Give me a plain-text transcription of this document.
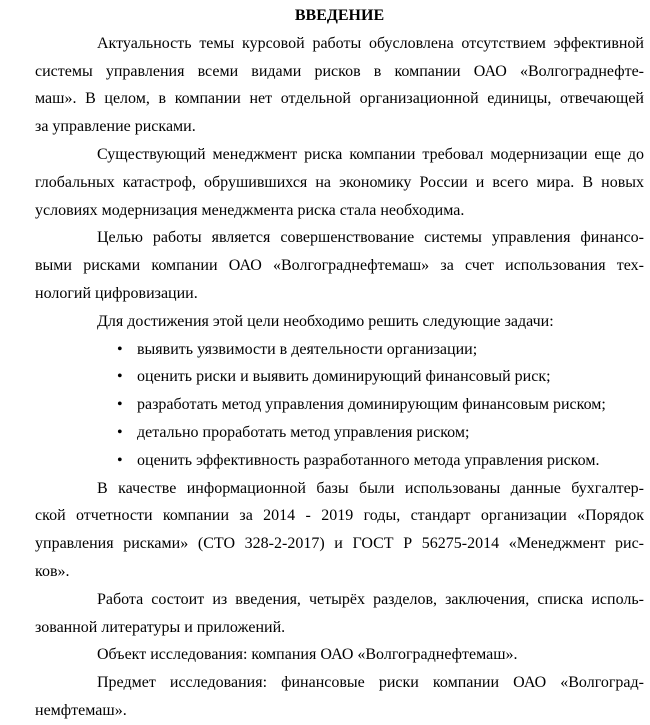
ВВЕДЕНИЕ
Актуальность темы курсовой работы обусловлена отсутствием эффективной
системы управления всеми видами рисков в компании ОАО «Волгограднефте-
маш». В целом, в компании нет отдельной организационной единицы, отвечающей
за управление рисками.
Существующий менеджмент риска компании требовал модернизации еще до
глобальных катастроф, обрушившихся на экономику России и всего мира. В новых
условиях модернизация менеджмента риска стала необходима.
Целью работы является совершенствование системы управления финансо-
выми рисками компании ОАО «Волгограднефтемаш» за счет использования тех-
нологий цифровизации.
Для достижения этой цели необходимо решить следующие задачи:
• выявить уязвимости в деятельности организации;
• оценить риски и выявить доминирующий финансовый риск;
• разработать метод управления доминирующим финансовым риском;
• детально проработать метод управления риском;
• оценить эффективность разработанного метода управления риском.
В качестве информационной базы были использованы данные бухгалтер-
ской отчетности компании за 2014 - 2019 годы, стандарт организации «Порядок
управления рисками» (СТО 328-2-2017) и ГОСТ Р 56275-2014 «Менеджмент рис-
ков».
Работа состоит из введения, четырёх разделов, заключения, списка исполь-
зованной литературы и приложений.
Объект исследования: компания ОАО «Волгограднефтемаш».
Предмет исследования: финансовые риски компании ОАО «Волгоград-
немфтемаш».
